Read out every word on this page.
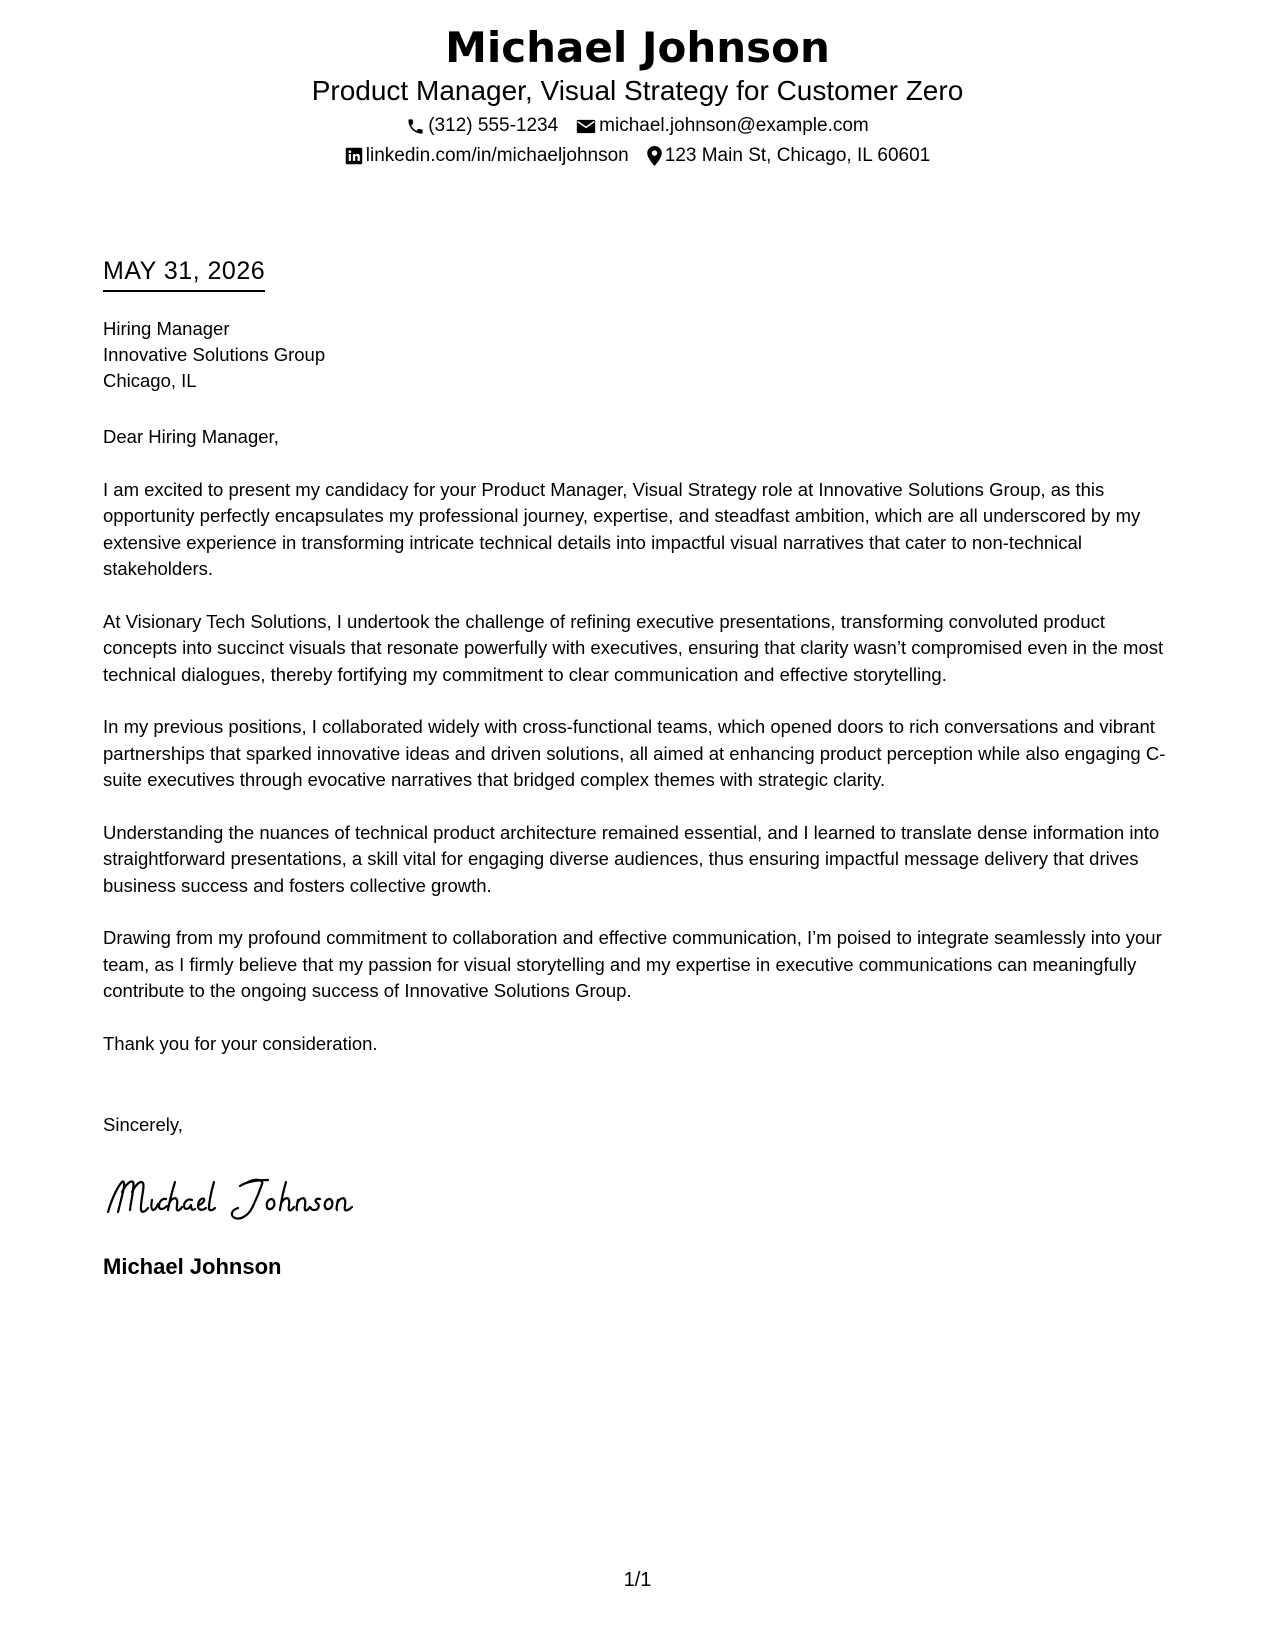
Michael Johnson
Product Manager, Visual Strategy for Customer Zero
(312) 555-1234 michael.johnson@example.com
linkedin.com/in/michaeljohnson 123 Main St, Chicago, IL 60601
MAY 31, 2026
Hiring Manager
Innovative Solutions Group
Chicago, IL

Dear Hiring Manager,

I am excited to present my candidacy for your Product Manager, Visual Strategy role at Innovative Solutions Group, as this opportunity perfectly encapsulates my professional journey, expertise, and steadfast ambition, which are all underscored by my extensive experience in transforming intricate technical details into impactful visual narratives that cater to non-technical stakeholders.

At Visionary Tech Solutions, I undertook the challenge of refining executive presentations, transforming convoluted product concepts into succinct visuals that resonate powerfully with executives, ensuring that clarity wasn’t compromised even in the most technical dialogues, thereby fortifying my commitment to clear communication and effective storytelling.

In my previous positions, I collaborated widely with cross-functional teams, which opened doors to rich conversations and vibrant partnerships that sparked innovative ideas and driven solutions, all aimed at enhancing product perception while also engaging C-suite executives through evocative narratives that bridged complex themes with strategic clarity.

Understanding the nuances of technical product architecture remained essential, and I learned to translate dense information into straightforward presentations, a skill vital for engaging diverse audiences, thus ensuring impactful message delivery that drives business success and fosters collective growth.

Drawing from my profound commitment to collaboration and effective communication, I’m poised to integrate seamlessly into your team, as I firmly believe that my passion for visual storytelling and my expertise in executive communications can meaningfully contribute to the ongoing success of Innovative Solutions Group.

Thank you for your consideration.

Sincerely,
Michael Johnson
1/1
